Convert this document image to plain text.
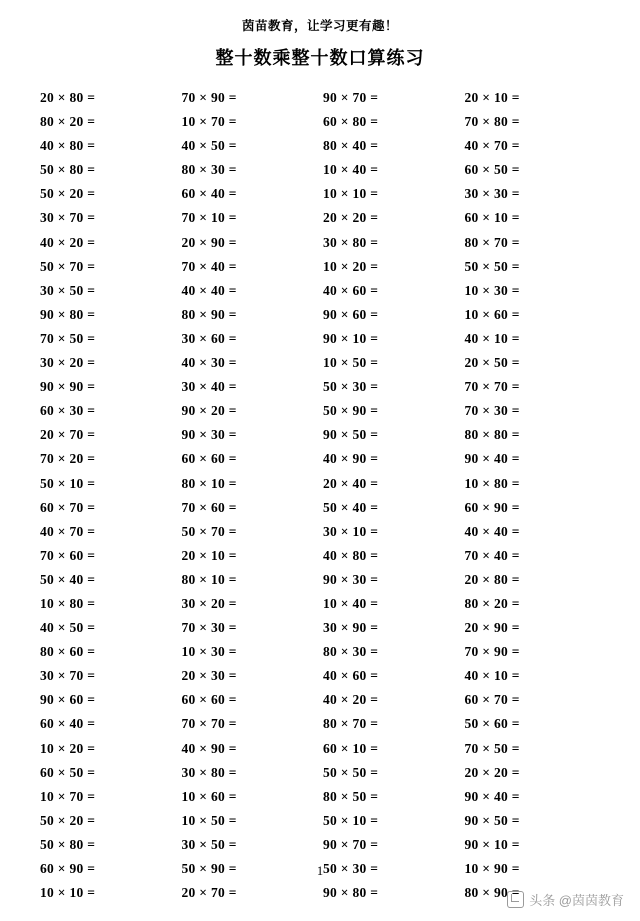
茵苗教育，让学习更有趣！
整十数乘整十数口算练习
20 × 80 =	70 × 90 =	90 × 70 =	20 × 10 =
80 × 20 =	10 × 70 =	60 × 80 =	70 × 80 =
40 × 80 =	40 × 50 =	80 × 40 =	40 × 70 =
50 × 80 =	80 × 30 =	10 × 40 =	60 × 50 =
50 × 20 =	60 × 40 =	10 × 10 =	30 × 30 =
30 × 70 =	70 × 10 =	20 × 20 =	60 × 10 =
40 × 20 =	20 × 90 =	30 × 80 =	80 × 70 =
50 × 70 =	70 × 40 =	10 × 20 =	50 × 50 =
30 × 50 =	40 × 40 =	40 × 60 =	10 × 30 =
90 × 80 =	80 × 90 =	90 × 60 =	10 × 60 =
70 × 50 =	30 × 60 =	90 × 10 =	40 × 10 =
30 × 20 =	40 × 30 =	10 × 50 =	20 × 50 =
90 × 90 =	30 × 40 =	50 × 30 =	70 × 70 =
60 × 30 =	90 × 20 =	50 × 90 =	70 × 30 =
20 × 70 =	90 × 30 =	90 × 50 =	80 × 80 =
70 × 20 =	60 × 60 =	40 × 90 =	90 × 40 =
50 × 10 =	80 × 10 =	20 × 40 =	10 × 80 =
60 × 70 =	70 × 60 =	50 × 40 =	60 × 90 =
40 × 70 =	50 × 70 =	30 × 10 =	40 × 40 =
70 × 60 =	20 × 10 =	40 × 80 =	70 × 40 =
50 × 40 =	80 × 10 =	90 × 30 =	20 × 80 =
10 × 80 =	30 × 20 =	10 × 40 =	80 × 20 =
40 × 50 =	70 × 30 =	30 × 90 =	20 × 90 =
80 × 60 =	10 × 30 =	80 × 30 =	70 × 90 =
30 × 70 =	20 × 30 =	40 × 60 =	40 × 10 =
90 × 60 =	60 × 60 =	40 × 20 =	60 × 70 =
60 × 40 =	70 × 70 =	80 × 70 =	50 × 60 =
10 × 20 =	40 × 90 =	60 × 10 =	70 × 50 =
60 × 50 =	30 × 80 =	50 × 50 =	20 × 20 =
10 × 70 =	10 × 60 =	80 × 50 =	90 × 40 =
50 × 20 =	10 × 50 =	50 × 10 =	90 × 50 =
50 × 80 =	30 × 50 =	90 × 70 =	90 × 10 =
60 × 90 =	50 × 90 =	50 × 30 =	10 × 90 =
10 × 10 =	20 × 70 =	90 × 80 =	80 × 90 =
1
头条 @茵茵教育
